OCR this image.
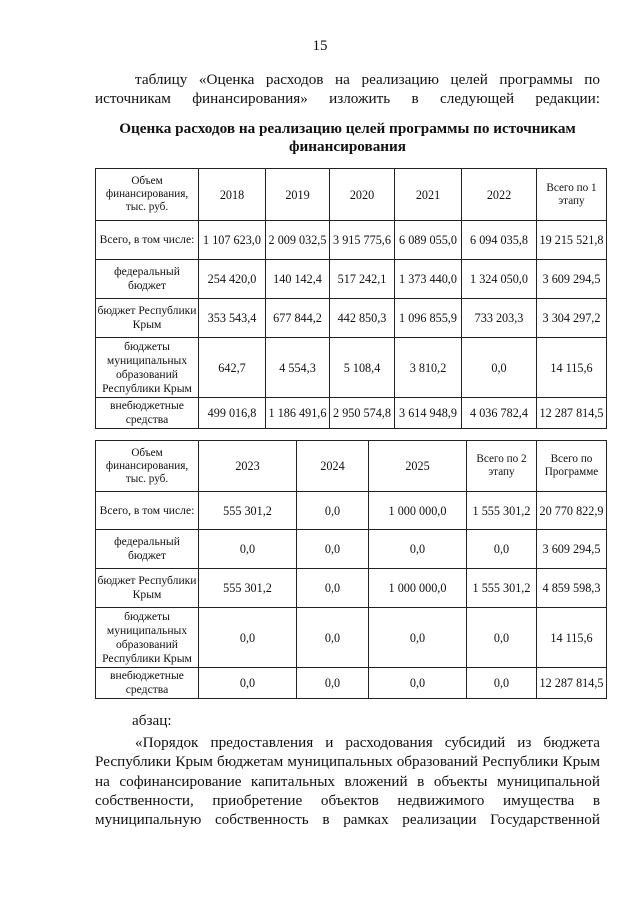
15

таблицу «Оценка расходов на реализацию целей программы по источникам финансирования» изложить в следующей редакции:

Оценка расходов на реализацию целей программы по источникам финансирования
Объем финансирования, тыс. руб.	2018	2019	2020	2021	2022	Всего по 1 этапу
Всего, в том числе:	1 107 623,0	2 009 032,5	3 915 775,6	6 089 055,0	6 094 035,8	19 215 521,8
федеральный бюджет	254 420,0	140 142,4	517 242,1	1 373 440,0	1 324 050,0	3 609 294,5
бюджет Республики Крым	353 543,4	677 844,2	442 850,3	1 096 855,9	733 203,3	3 304 297,2
бюджеты муниципальных образований Республики Крым	642,7	4 554,3	5 108,4	3 810,2	0,0	14 115,6
внебюджетные средства	499 016,8	1 186 491,6	2 950 574,8	3 614 948,9	4 036 782,4	12 287 814,5
Объем финансирования, тыс. руб.	2023	2024	2025	Всего по 2 этапу	Всего по Программе
Всего, в том числе:	555 301,2	0,0	1 000 000,0	1 555 301,2	20 770 822,9
федеральный бюджет	0,0	0,0	0,0	0,0	3 609 294,5
бюджет Республики Крым	555 301,2	0,0	1 000 000,0	1 555 301,2	4 859 598,3
бюджеты муниципальных образований Республики Крым	0,0	0,0	0,0	0,0	14 115,6
внебюджетные средства	0,0	0,0	0,0	0,0	12 287 814,5
абзац:

«Порядок предоставления и расходования субсидий из бюджета Республики Крым бюджетам муниципальных образований Республики Крым на софинансирование капитальных вложений в объекты муниципальной собственности, приобретение объектов недвижимого имущества в муниципальную собственность в рамках реализации Государственной
